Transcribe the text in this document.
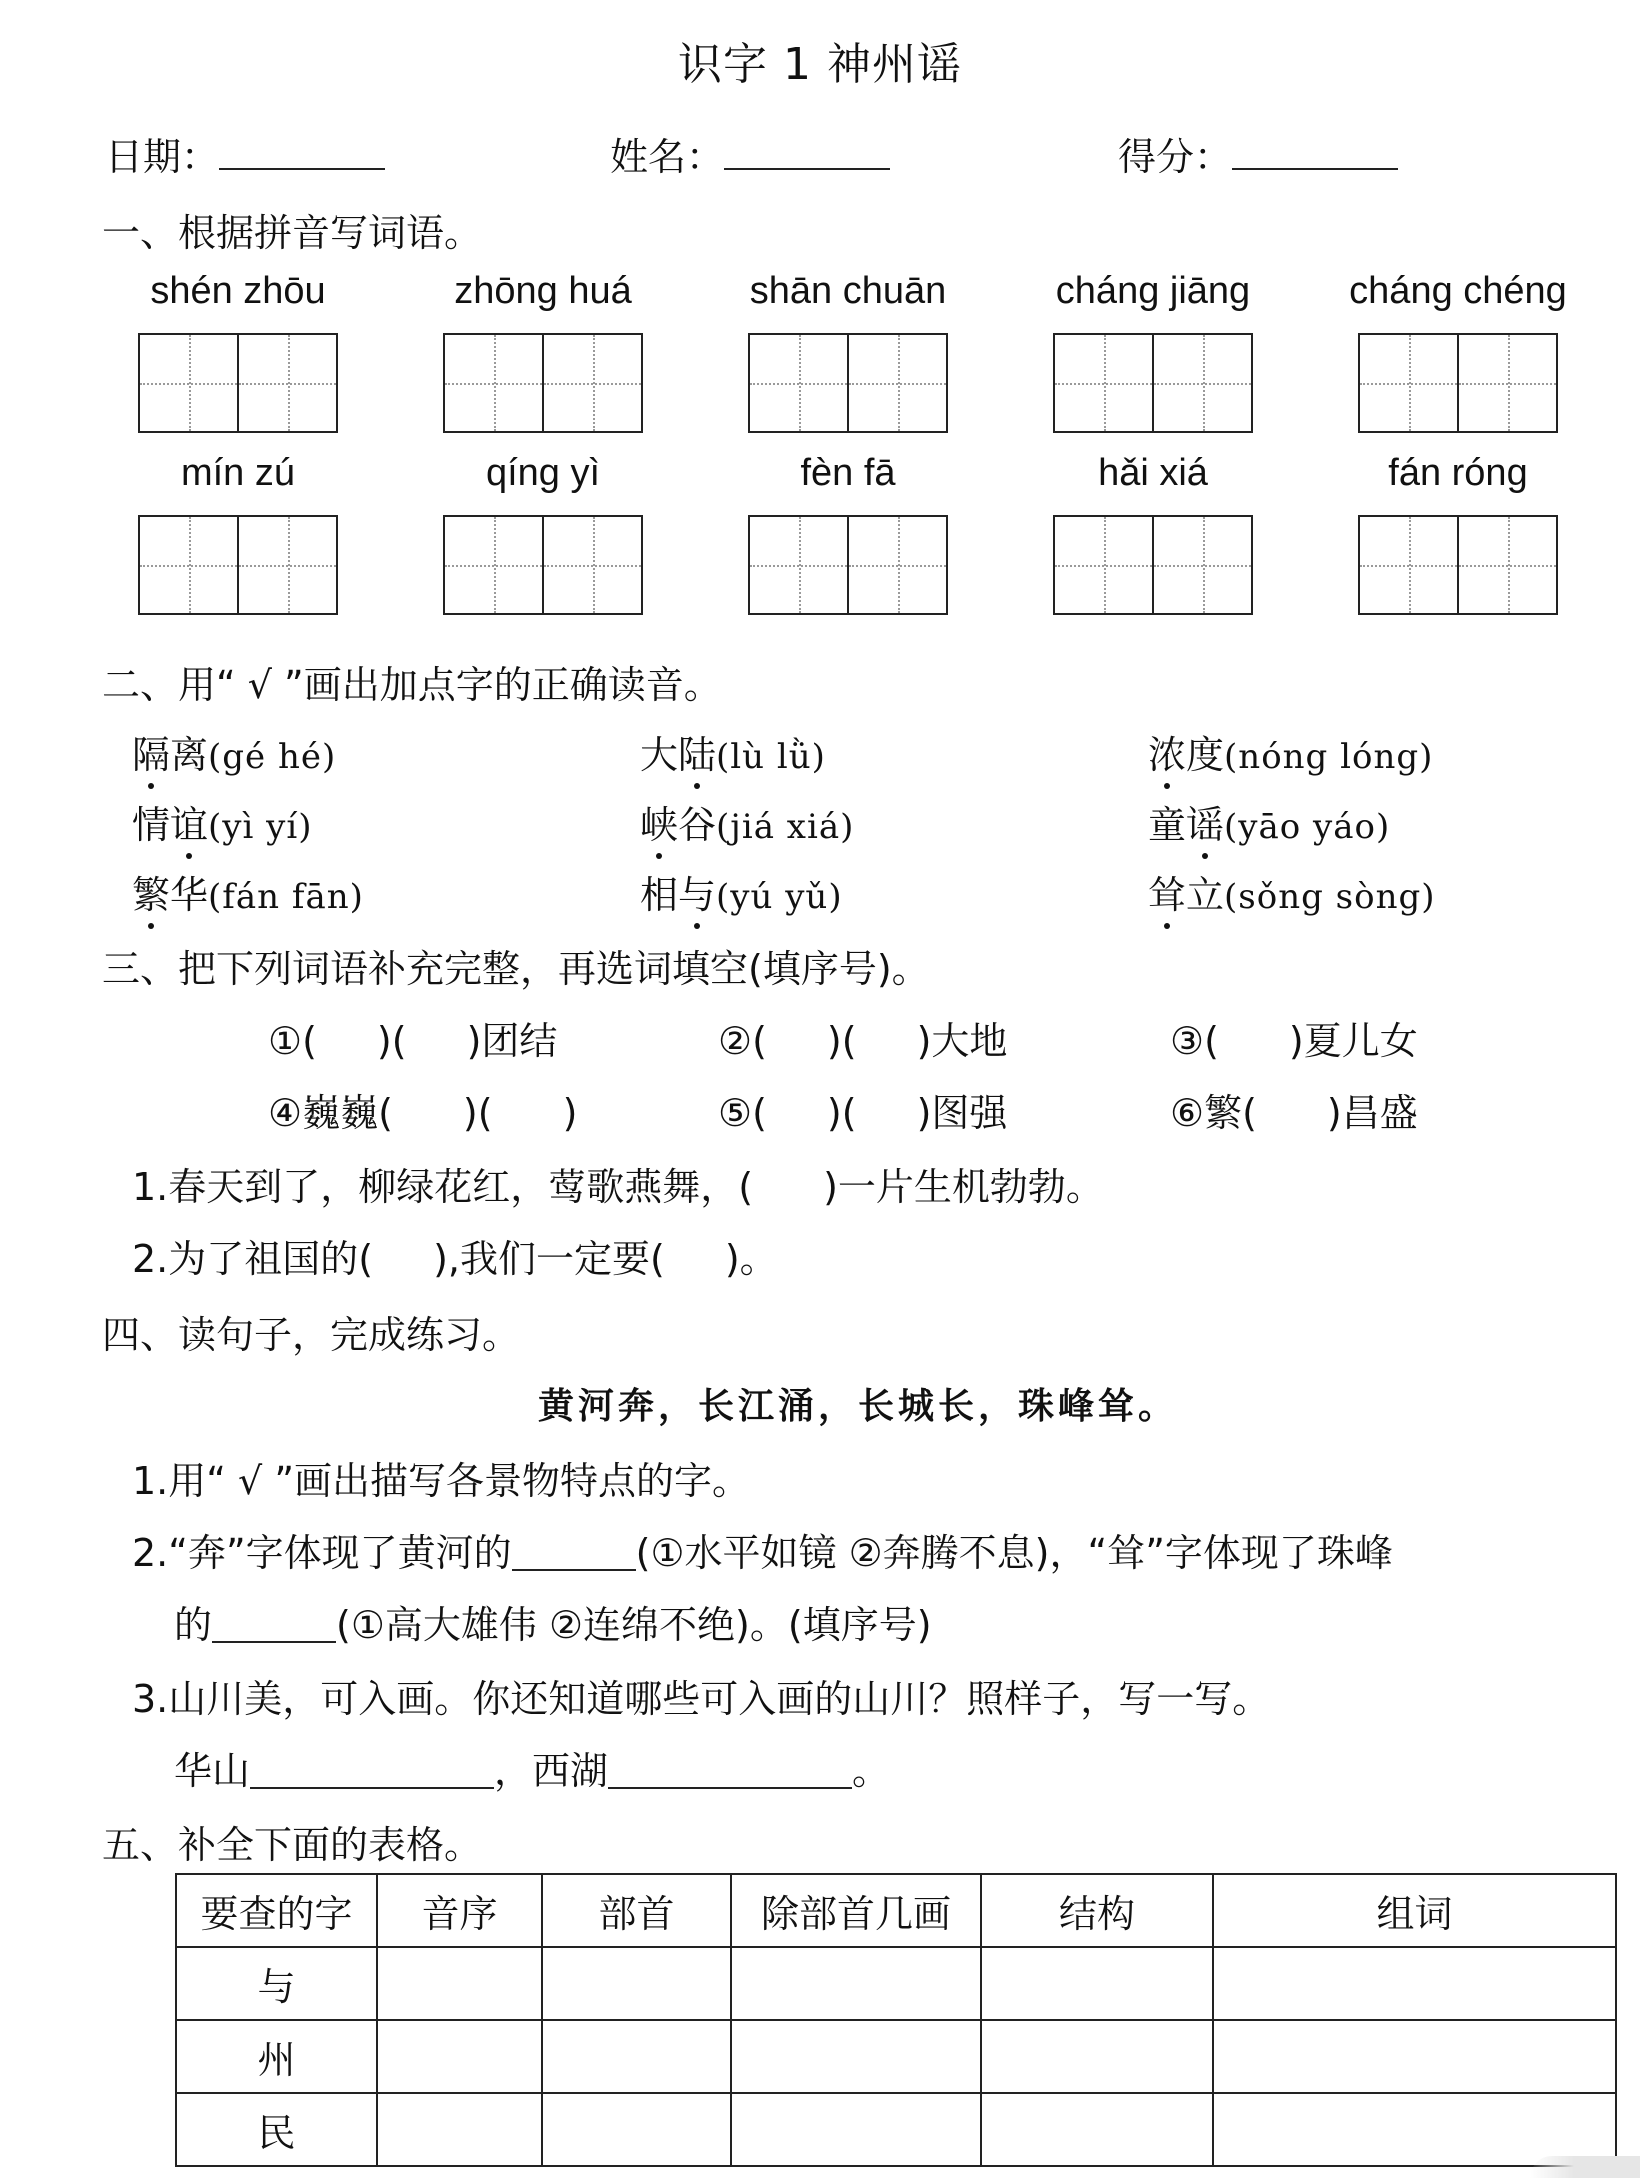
识字 1 神州谣
日期：	姓名：	得分：
一、根据拼音写词语。
shén zhōu	zhōng huá	shān chuān	cháng jiāng	cháng chéng
mín zú	qíng yì	fèn fā	hǎi xiá	fán róng
二、用“ √ ”画出加点字的正确读音。
隔离(gé hé)	大陆(lù lǜ)	浓度(nóng lóng)
情谊(yì yí)	峡谷(jiá xiá)	童谣(yāo yáo)
繁华(fán fān)	相与(yú yǔ)	耸立(sǒng sòng)
三、把下列词语补充完整，再选词填空(填序号)。
①( )( )团结	②( )( )大地	③( )夏儿女
④巍巍( )( )	⑤( )( )图强	⑥繁( )昌盛
1.春天到了，柳绿花红，莺歌燕舞，( )一片生机勃勃。
2.为了祖国的( ),我们一定要( )。
四、读句子，完成练习。
黄河奔，长江涌，长城长，珠峰耸。
1.用“ √ ”画出描写各景物特点的字。
2.“奔”字体现了黄河的	(①水平如镜 ②奔腾不息)，“耸”字体现了珠峰
的	(①高大雄伟 ②连绵不绝)。(填序号)
3.山川美，可入画。你还知道哪些可入画的山川？照样子，写一写。
华山	，西湖	。
五、补全下面的表格。
要查的字	音序	部首	除部首几画	结构	组词
与					
州					
民					
